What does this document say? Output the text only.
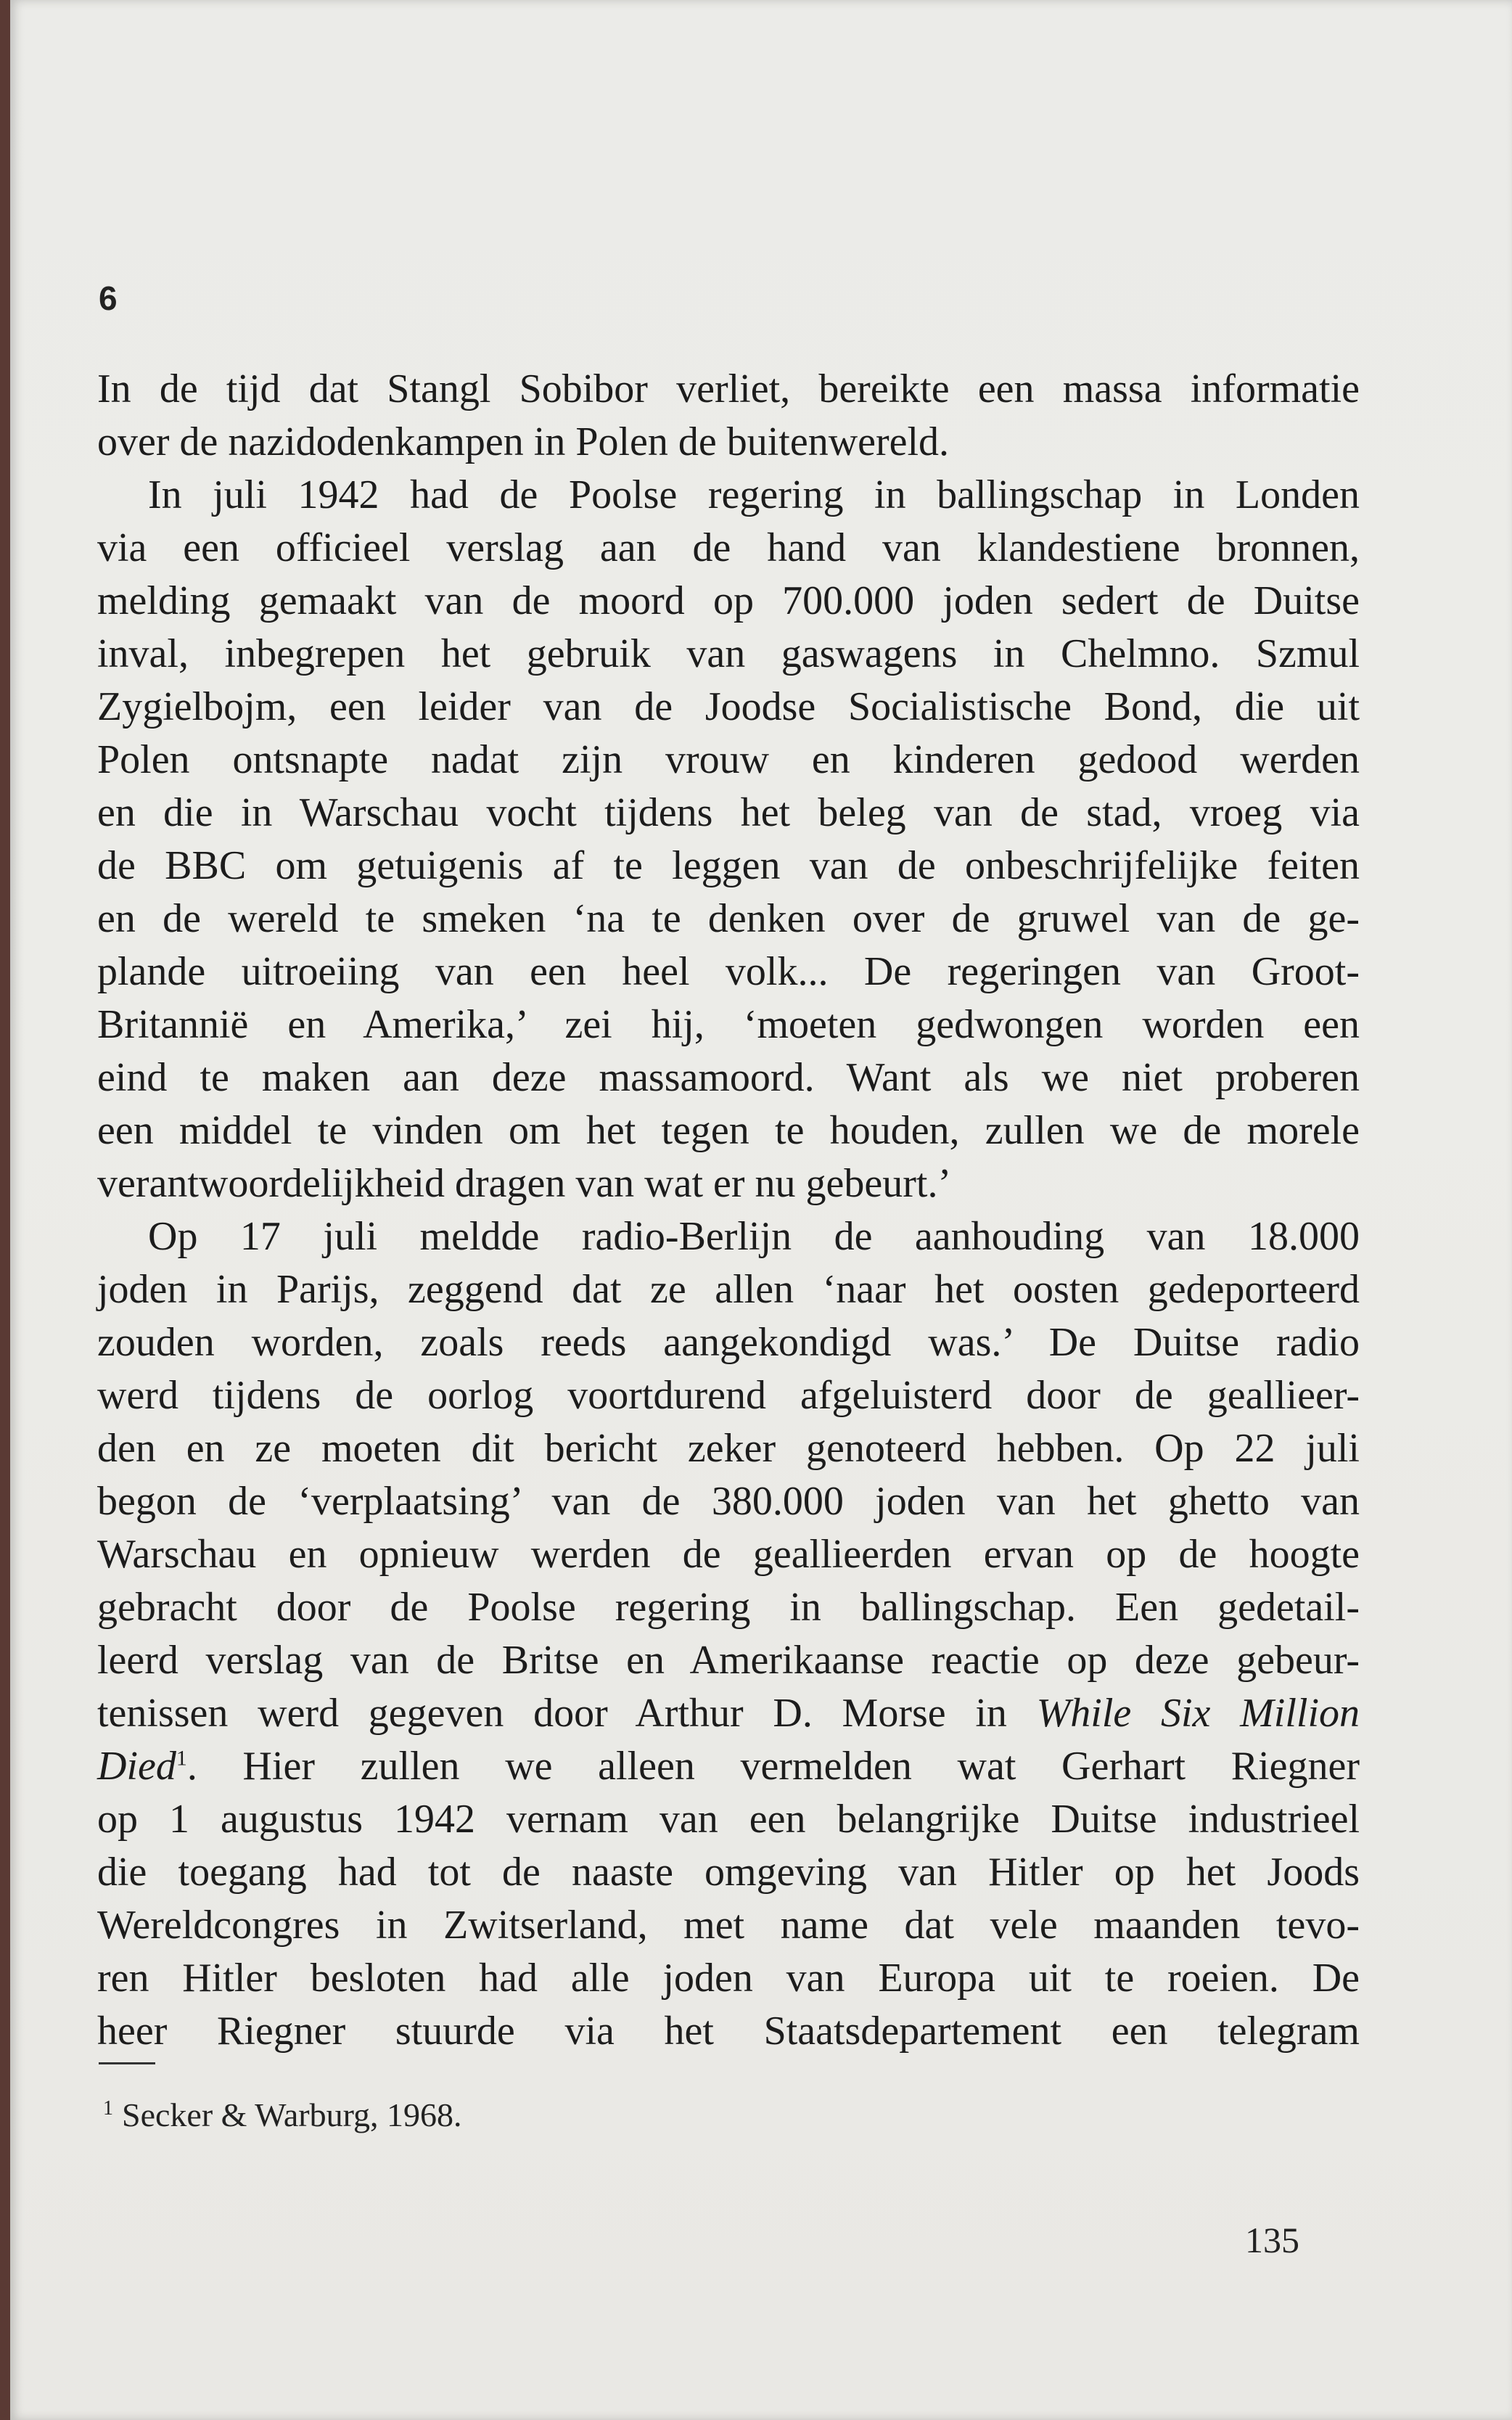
6

In de tijd dat Stangl Sobibor verliet, bereikte een massa informatie
over de nazidodenkampen in Polen de buitenwereld.

In juli 1942 had de Poolse regering in ballingschap in Londen
via een officieel verslag aan de hand van klandestiene bronnen,
melding gemaakt van de moord op 700.000 joden sedert de Duitse
inval, inbegrepen het gebruik van gaswagens in Chelmno. Szmul
Zygielbojm, een leider van de Joodse Socialistische Bond, die uit
Polen ontsnapte nadat zijn vrouw en kinderen gedood werden
en die in Warschau vocht tijdens het beleg van de stad, vroeg via
de BBC om getuigenis af te leggen van de onbeschrijfelijke feiten
en de wereld te smeken ‘na te denken over de gruwel van de ge-
plande uitroeiing van een heel volk... De regeringen van Groot-
Britannië en Amerika,’ zei hij, ‘moeten gedwongen worden een
eind te maken aan deze massamoord. Want als we niet proberen
een middel te vinden om het tegen te houden, zullen we de morele
verantwoordelijkheid dragen van wat er nu gebeurt.’

Op 17 juli meldde radio-Berlijn de aanhouding van 18.000
joden in Parijs, zeggend dat ze allen ‘naar het oosten gedeporteerd
zouden worden, zoals reeds aangekondigd was.’ De Duitse radio
werd tijdens de oorlog voortdurend afgeluisterd door de geallieer-
den en ze moeten dit bericht zeker genoteerd hebben. Op 22 juli
begon de ‘verplaatsing’ van de 380.000 joden van het ghetto van
Warschau en opnieuw werden de geallieerden ervan op de hoogte
gebracht door de Poolse regering in ballingschap. Een gedetail-
leerd verslag van de Britse en Amerikaanse reactie op deze gebeur-
tenissen werd gegeven door Arthur D. Morse in While Six Million
Died$^1$. Hier zullen we alleen vermelden wat Gerhart Riegner
op 1 augustus 1942 vernam van een belangrijke Duitse industrieel
die toegang had tot de naaste omgeving van Hitler op het Joods
Wereldcongres in Zwitserland, met name dat vele maanden tevo-
ren Hitler besloten had alle joden van Europa uit te roeien. De
heer Riegner stuurde via het Staatsdepartement een telegram

$^1$ Secker & Warburg, 1968.

135
